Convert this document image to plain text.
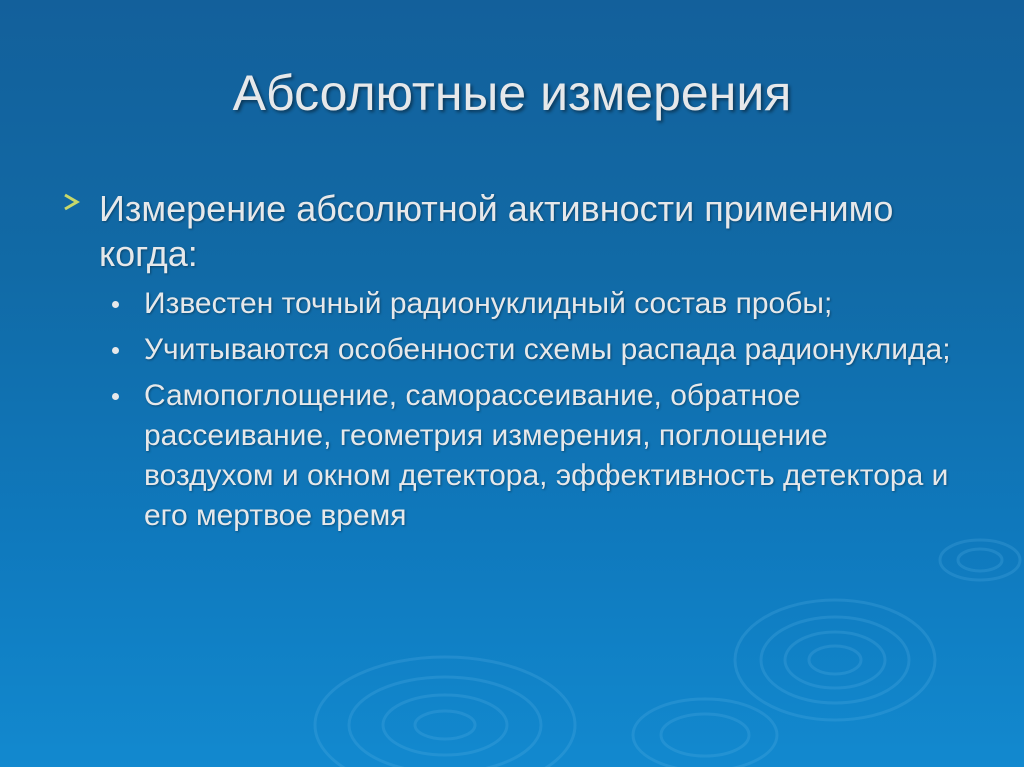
Абсолютные измерения
Измерение абсолютной активности применимо когда:
Известен точный радионуклидный состав пробы;
Учитываются особенности схемы распада радионуклида;
Самопоглощение, саморассеивание, обратное рассеивание, геометрия измерения, поглощение воздухом и окном детектора, эффективность детектора и его мертвое время
